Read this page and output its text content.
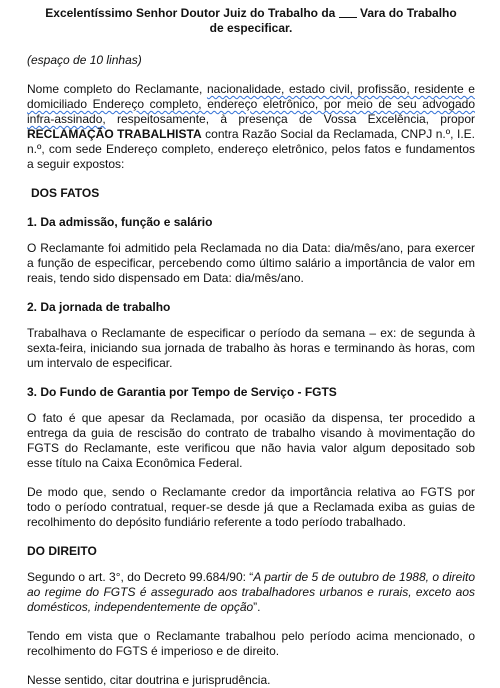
Excelentíssimo Senhor Doutor Juiz do Trabalho da Vara do Trabalho

de especificar.

(espaço de 10 linhas)

Nome completo do Reclamante, nacionalidade, estado civil, profissão, residente e domiciliado Endereço completo, endereço eletrônico, por meio de seu advogado infra-assinado, respeitosamente, à presença de Vossa Excelência, propor RECLAMAÇÃO TRABALHISTA contra Razão Social da Reclamada, CNPJ n.º, I.E. n.º, com sede Endereço completo, endereço eletrônico, pelos fatos e fundamentos a seguir expostos:

DOS FATOS

1. Da admissão, função e salário

O Reclamante foi admitido pela Reclamada no dia Data: dia/mês/ano, para exercer a função de especificar, percebendo como último salário a importância de valor em reais, tendo sido dispensado em Data: dia/mês/ano.

2. Da jornada de trabalho

Trabalhava o Reclamante de especificar o período da semana – ex: de segunda à sexta-feira, iniciando sua jornada de trabalho às horas e terminando às horas, com um intervalo de especificar.

3. Do Fundo de Garantia por Tempo de Serviço - FGTS

O fato é que apesar da Reclamada, por ocasião da dispensa, ter procedido a entrega da guia de rescisão do contrato de trabalho visando à movimentação do FGTS do Reclamante, este verificou que não havia valor algum depositado sob esse título na Caixa Econômica Federal.

De modo que, sendo o Reclamante credor da importância relativa ao FGTS por todo o período contratual, requer-se desde já que a Reclamada exiba as guias de recolhimento do depósito fundiário referente a todo período trabalhado.

DO DIREITO

Segundo o art. 3°, do Decreto 99.684/90: “A partir de 5 de outubro de 1988, o direito ao regime do FGTS é assegurado aos trabalhadores urbanos e rurais, exceto aos domésticos, independentemente de opção”.

Tendo em vista que o Reclamante trabalhou pelo período acima mencionado, o recolhimento do FGTS é imperioso e de direito.

Nesse sentido, citar doutrina e jurisprudência.
